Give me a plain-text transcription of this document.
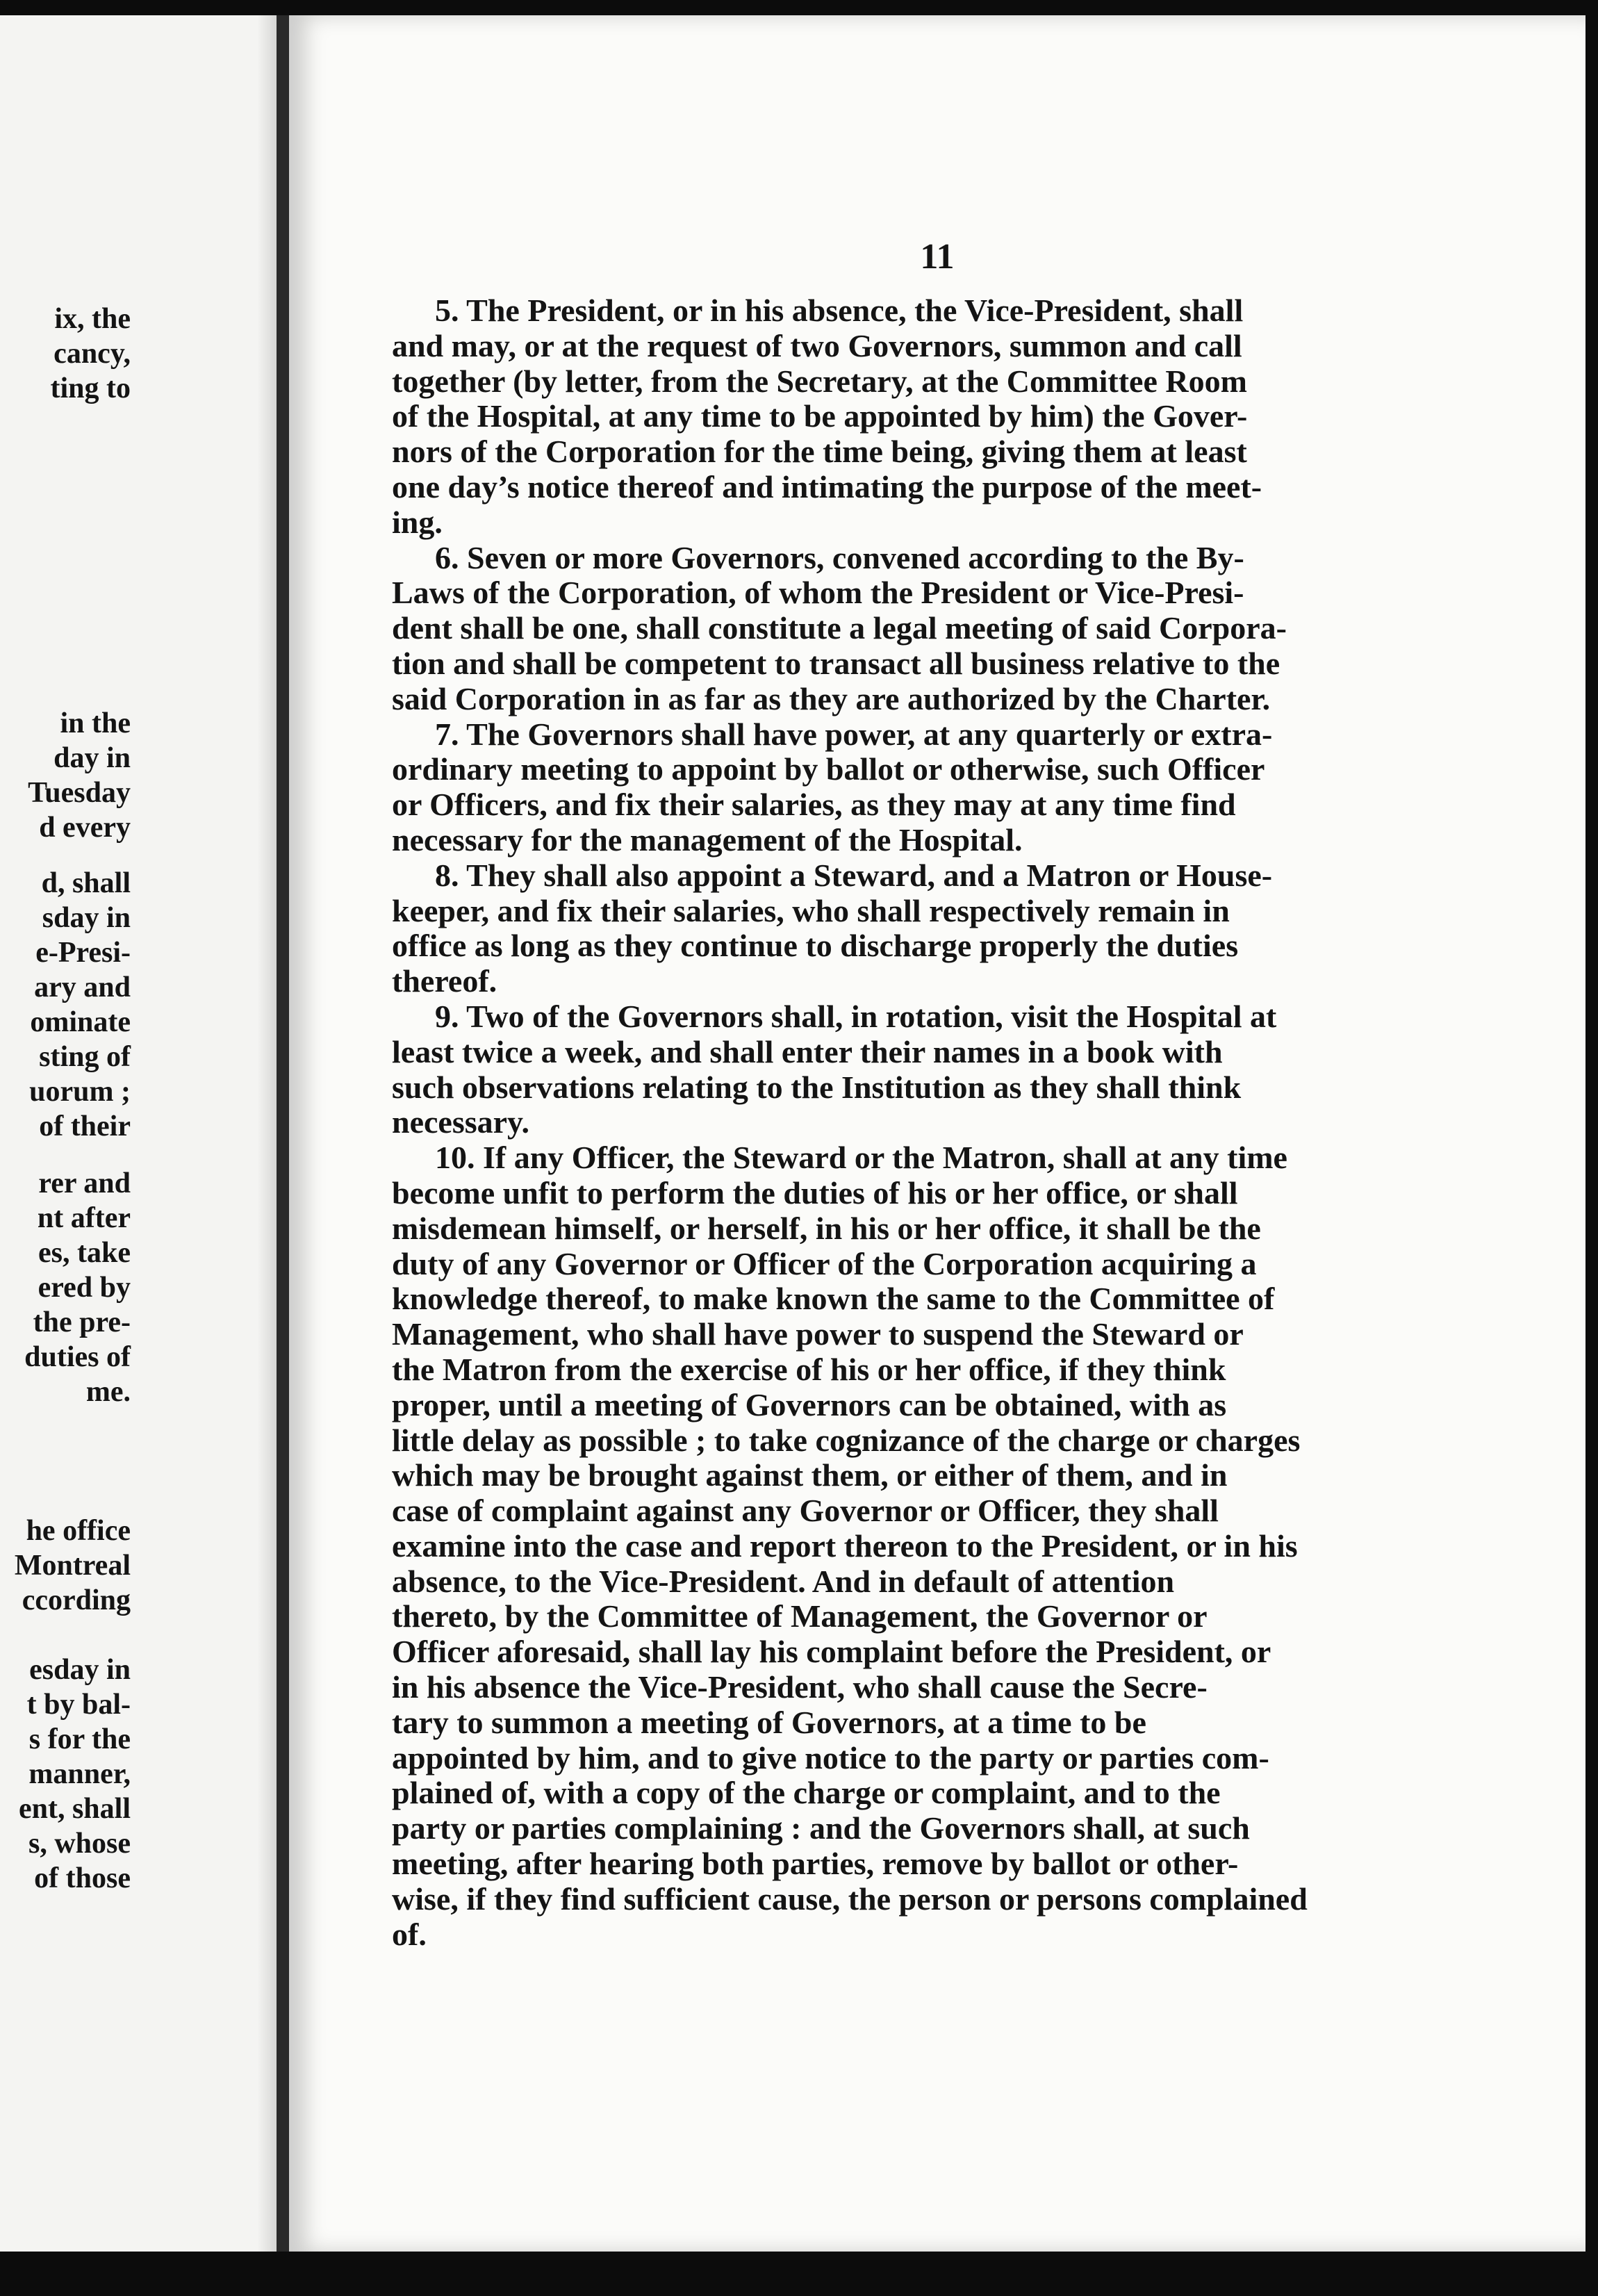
ix, the

cancy,

ting to

in the

day in

Tuesday

d every

d, shall

sday in

e-Presi-

ary and

ominate

sting of

uorum ;

of their

rer and

nt after

es, take

ered by

the pre-

duties of

me.

he office

Montreal

ccording

esday in

t by bal-

s for the

manner,

ent, shall

s, whose

of those

11

5. The President, or in his absence, the Vice-President, shall
and may, or at the request of two Governors, summon and call
together (by letter, from the Secretary, at the Committee Room
of the Hospital, at any time to be appointed by him) the Gover-
nors of the Corporation for the time being, giving them at least
one day’s notice thereof and intimating the purpose of the meet-
ing.

6. Seven or more Governors, convened according to the By-
Laws of the Corporation, of whom the President or Vice-Presi-
dent shall be one, shall constitute a legal meeting of said Corpora-
tion and shall be competent to transact all business relative to the
said Corporation in as far as they are authorized by the Charter.

7. The Governors shall have power, at any quarterly or extra-
ordinary meeting to appoint by ballot or otherwise, such Officer
or Officers, and fix their salaries, as they may at any time find
necessary for the management of the Hospital.

8. They shall also appoint a Steward, and a Matron or House-
keeper, and fix their salaries, who shall respectively remain in
office as long as they continue to discharge properly the duties
thereof.

9. Two of the Governors shall, in rotation, visit the Hospital at
least twice a week, and shall enter their names in a book with
such observations relating to the Institution as they shall think
necessary.

10. If any Officer, the Steward or the Matron, shall at any time
become unfit to perform the duties of his or her office, or shall
misdemean himself, or herself, in his or her office, it shall be the
duty of any Governor or Officer of the Corporation acquiring a
knowledge thereof, to make known the same to the Committee of
Management, who shall have power to suspend the Steward or
the Matron from the exercise of his or her office, if they think
proper, until a meeting of Governors can be obtained, with as
little delay as possible ; to take cognizance of the charge or charges
which may be brought against them, or either of them, and in
case of complaint against any Governor or Officer, they shall
examine into the case and report thereon to the President, or in his
absence, to the Vice-President. And in default of attention
thereto, by the Committee of Management, the Governor or
Officer aforesaid, shall lay his complaint before the President, or
in his absence the Vice-President, who shall cause the Secre-
tary to summon a meeting of Governors, at a time to be
appointed by him, and to give notice to the party or parties com-
plained of, with a copy of the charge or complaint, and to the
party or parties complaining : and the Governors shall, at such
meeting, after hearing both parties, remove by ballot or other-
wise, if they find sufficient cause, the person or persons complained
of.
